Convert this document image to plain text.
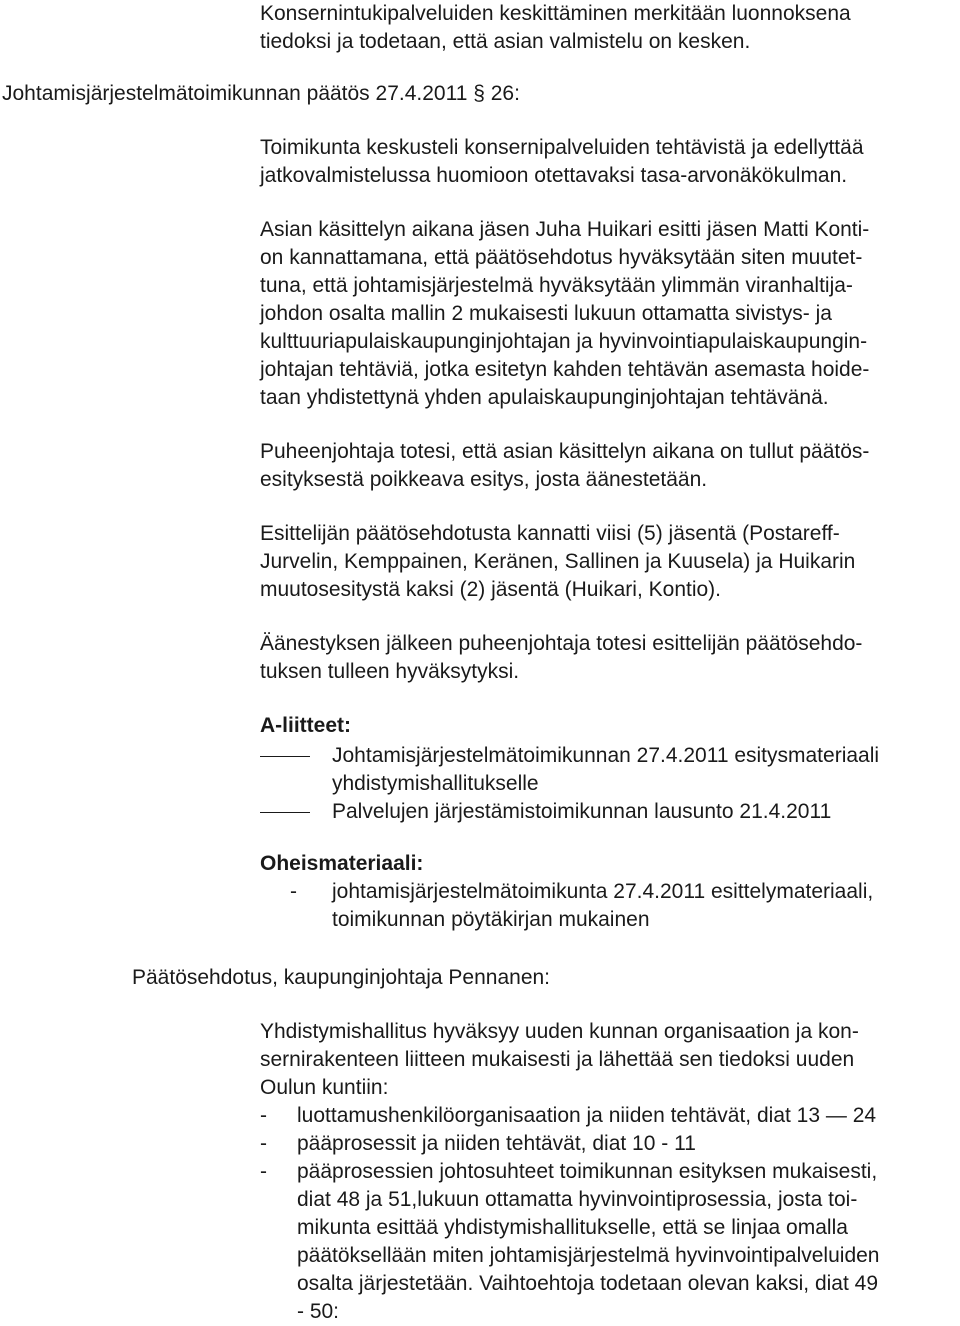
Konsernintukipalveluiden keskittäminen merkitään luonnoksena
tiedoksi ja todetaan, että asian valmistelu on kesken.

Johtamisjärjestelmätoimikunnan päätös 27.4.2011 § 26:

Toimikunta keskusteli konsernipalveluiden tehtävistä ja edellyttää
jatkovalmistelussa huomioon otettavaksi tasa-arvonäkökulman.

Asian käsittelyn aikana jäsen Juha Huikari esitti jäsen Matti Konti-
on kannattamana, että päätösehdotus hyväksytään siten muutet-
tuna, että johtamisjärjestelmä hyväksytään ylimmän viranhaltija-
johdon osalta mallin 2 mukaisesti lukuun ottamatta sivistys- ja
kulttuuriapulaiskaupunginjohtajan ja hyvinvointiapulaiskaupungin-
johtajan tehtäviä, jotka esitetyn kahden tehtävän asemasta hoide-
taan yhdistettynä yhden apulaiskaupunginjohtajan tehtävänä.

Puheenjohtaja totesi, että asian käsittelyn aikana on tullut päätös-
esityksestä poikkeava esitys, josta äänestetään.

Esittelijän päätösehdotusta kannatti viisi (5) jäsentä (Postareff-
Jurvelin, Kemppainen, Keränen, Sallinen ja Kuusela) ja Huikarin
muutosesitystä kaksi (2) jäsentä (Huikari, Kontio).

Äänestyksen jälkeen puheenjohtaja totesi esittelijän päätösehdo-
tuksen tulleen hyväksytyksi.

A-liitteet:
Johtamisjärjestelmätoimikunnan 27.4.2011 esitysmateriaali
yhdistymishallitukselle
Palvelujen järjestämistoimikunnan lausunto 21.4.2011
Oheismateriaali:
-	johtamisjärjestelmätoimikunta 27.4.2011 esittelymateriaali,
toimikunnan pöytäkirjan mukainen

Päätösehdotus, kaupunginjohtaja Pennanen:

Yhdistymishallitus hyväksyy uuden kunnan organisaation ja kon-
sernirakenteen liitteen mukaisesti ja lähettää sen tiedoksi uuden
Oulun kuntiin:
-	luottamushenkilöorganisaation ja niiden tehtävät, diat 13 — 24
-	pääprosessit ja niiden tehtävät, diat 10 - 11
-	pääprosessien johtosuhteet toimikunnan esityksen mukaisesti,
diat 48 ja 51,lukuun ottamatta hyvinvointiprosessia, josta toi-
mikunta esittää yhdistymishallitukselle, että se linjaa omalla
päätöksellään miten johtamisjärjestelmä hyvinvointipalveluiden
osalta järjestetään. Vaihtoehtoja todetaan olevan kaksi, diat 49
- 50:
